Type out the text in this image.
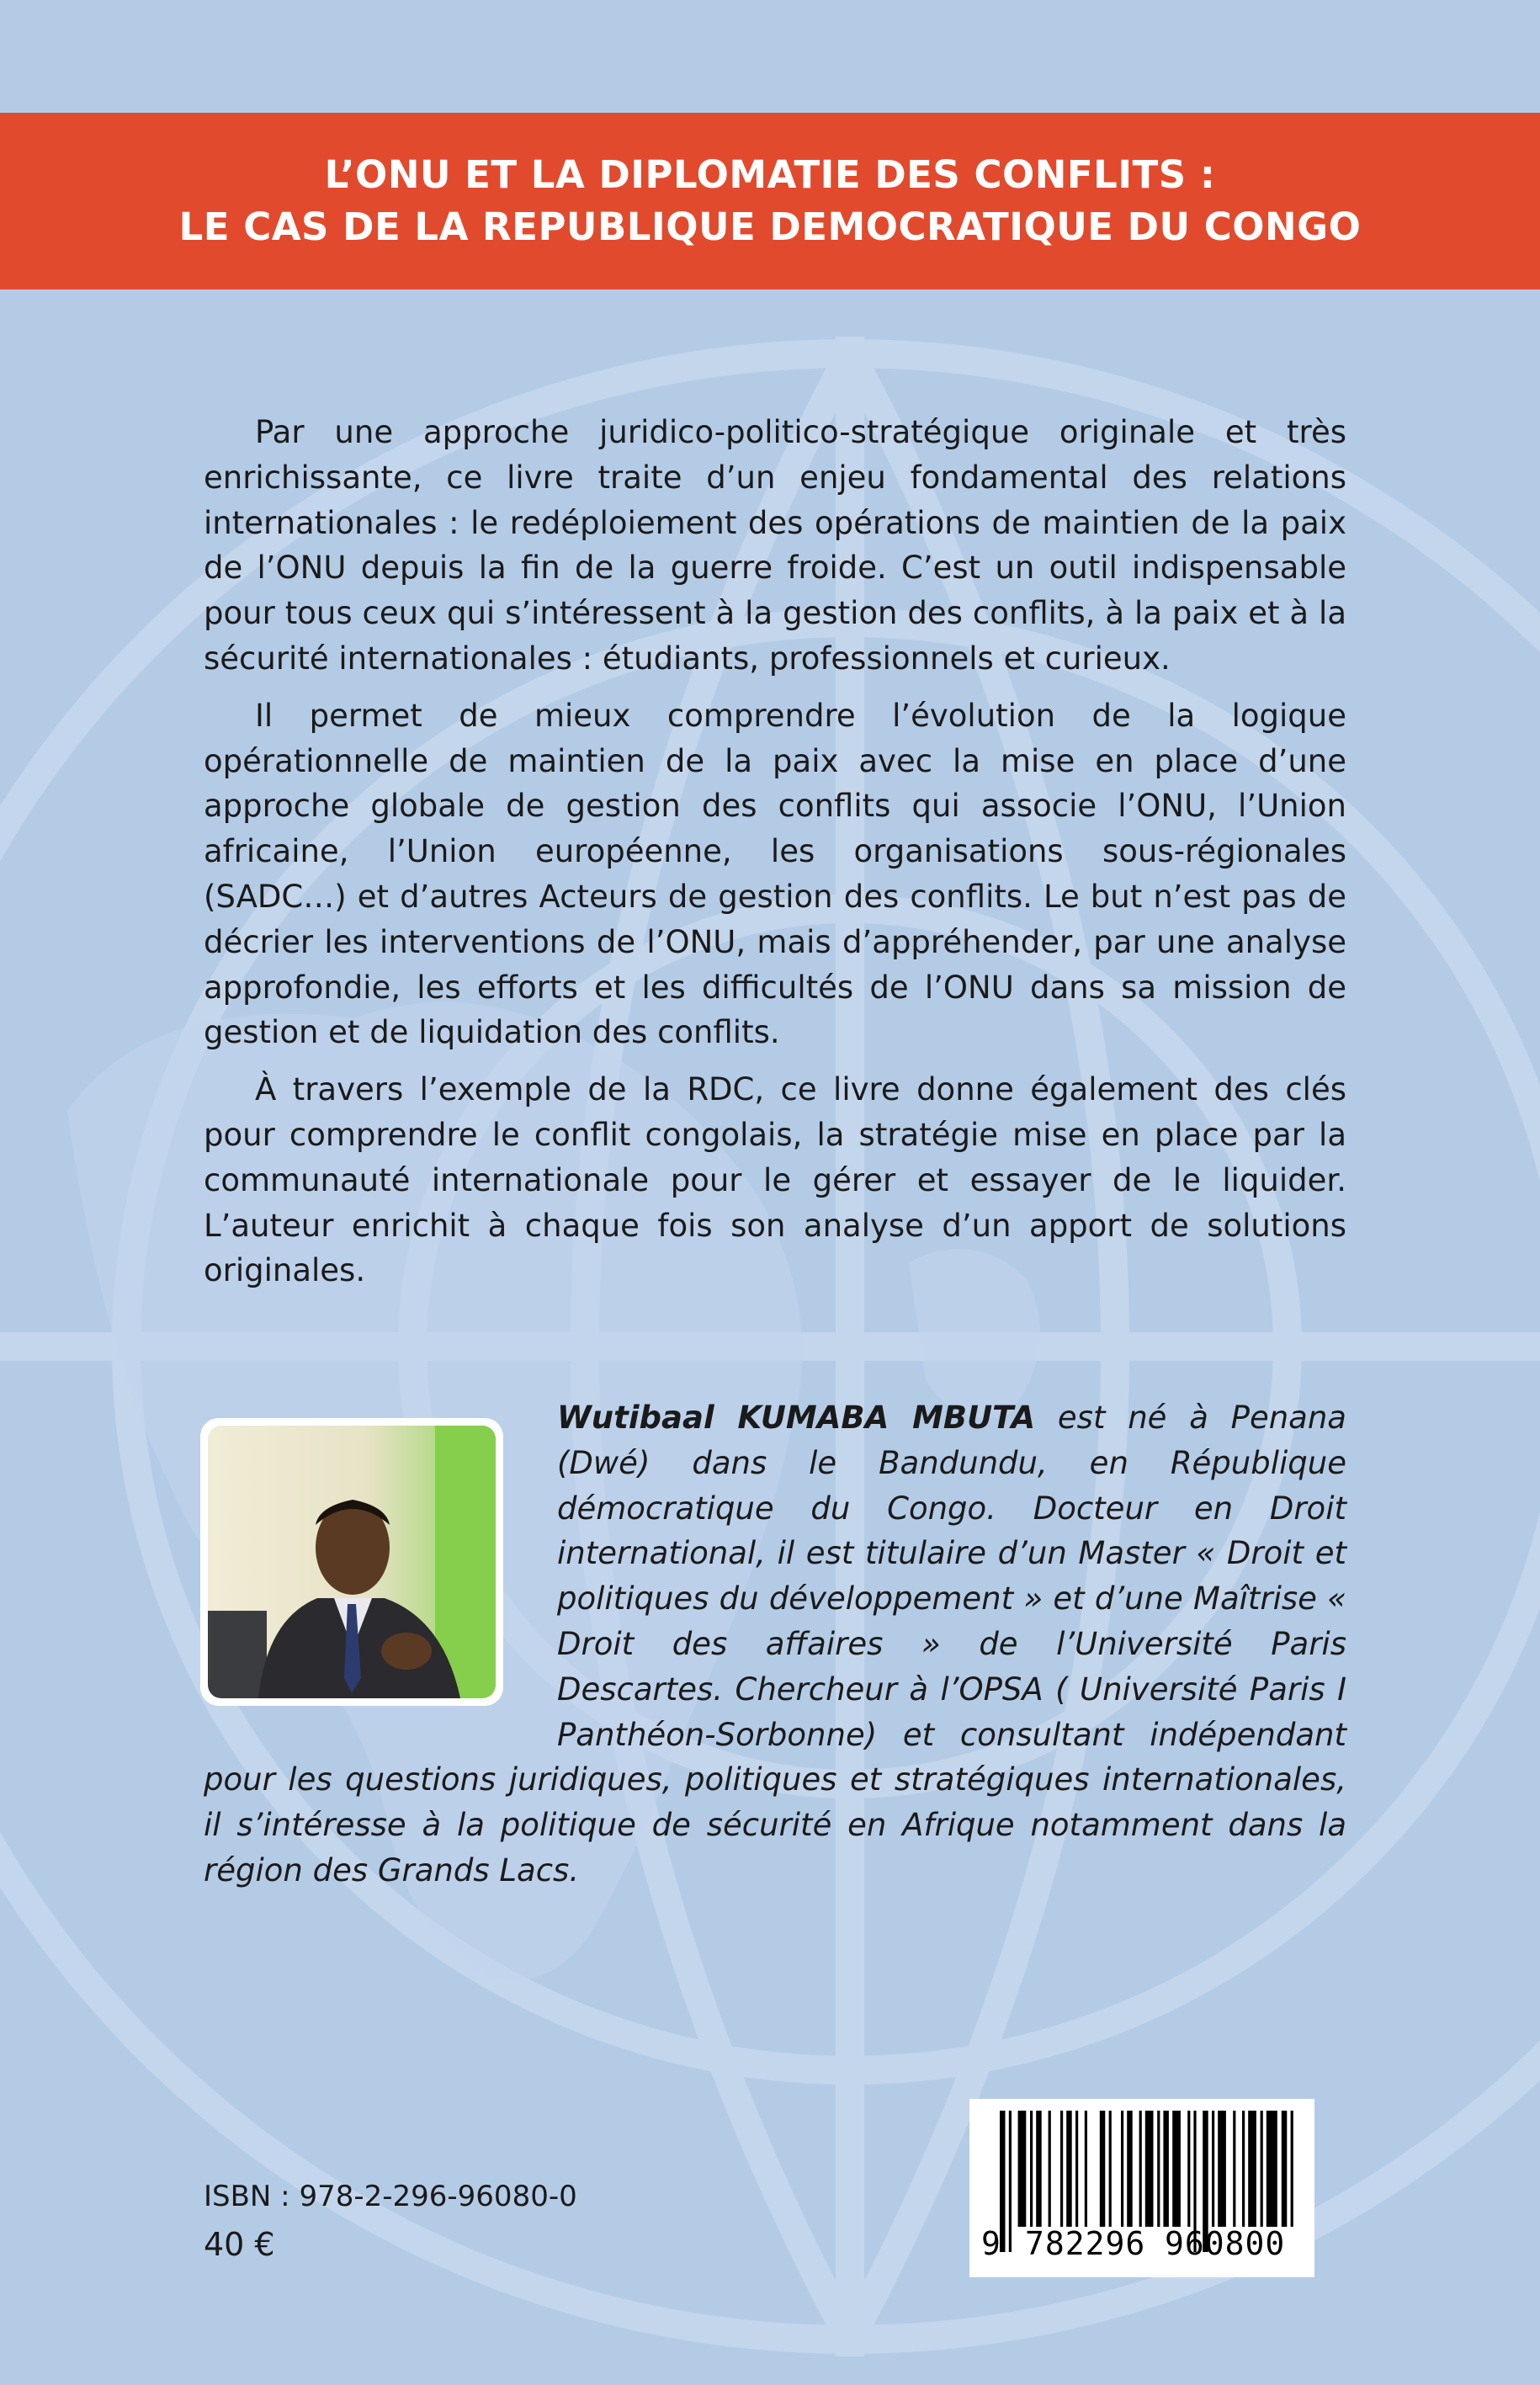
L’ONU ET LA DIPLOMATIE DES CONFLITS :
LE CAS DE LA REPUBLIQUE DEMOCRATIQUE DU CONGO

Par une approche juridico-politico-stratégique originale et très enrichissante, ce livre traite d’un enjeu fondamental des relations internationales : le redéploiement des opérations de maintien de la paix de l’ONU depuis la fin de la guerre froide. C’est un outil indispensable pour tous ceux qui s’intéressent à la gestion des conflits, à la paix et à la sécurité internationales : étudiants, professionnels et curieux.

Il permet de mieux comprendre l’évolution de la logique opérationnelle de maintien de la paix avec la mise en place d’une approche globale de gestion des conflits qui associe l’ONU, l’Union africaine, l’Union européenne, les organisations sous-régionales (SADC…) et d’autres Acteurs de gestion des conflits. Le but n’est pas de décrier les interventions de l’ONU, mais d’appréhender, par une analyse approfondie, les efforts et les difficultés de l’ONU dans sa mission de gestion et de liquidation des conflits.

À travers l’exemple de la RDC, ce livre donne également des clés pour comprendre le conflit congolais, la stratégie mise en place par la communauté internationale pour le gérer et essayer de le liquider. L’auteur enrichit à chaque fois son analyse d’un apport de solutions originales.

Wutibaal KUMABA MBUTA est né à Penana (Dwé) dans le Bandundu, en République démocratique du Congo. Docteur en Droit international, il est titulaire d’un Master « Droit et politiques du développement » et d’une Maîtrise « Droit des affaires » de l’Université Paris Descartes. Chercheur à l’OPSA ( Université Paris I Panthéon-Sorbonne) et consultant indépendant pour les questions juridiques, politiques et stratégiques internationales, il s’intéresse à la politique de sécurité en Afrique notamment dans la région des Grands Lacs.
ISBN : 978-2-296-96080-0
40 €	9 782296 960800
